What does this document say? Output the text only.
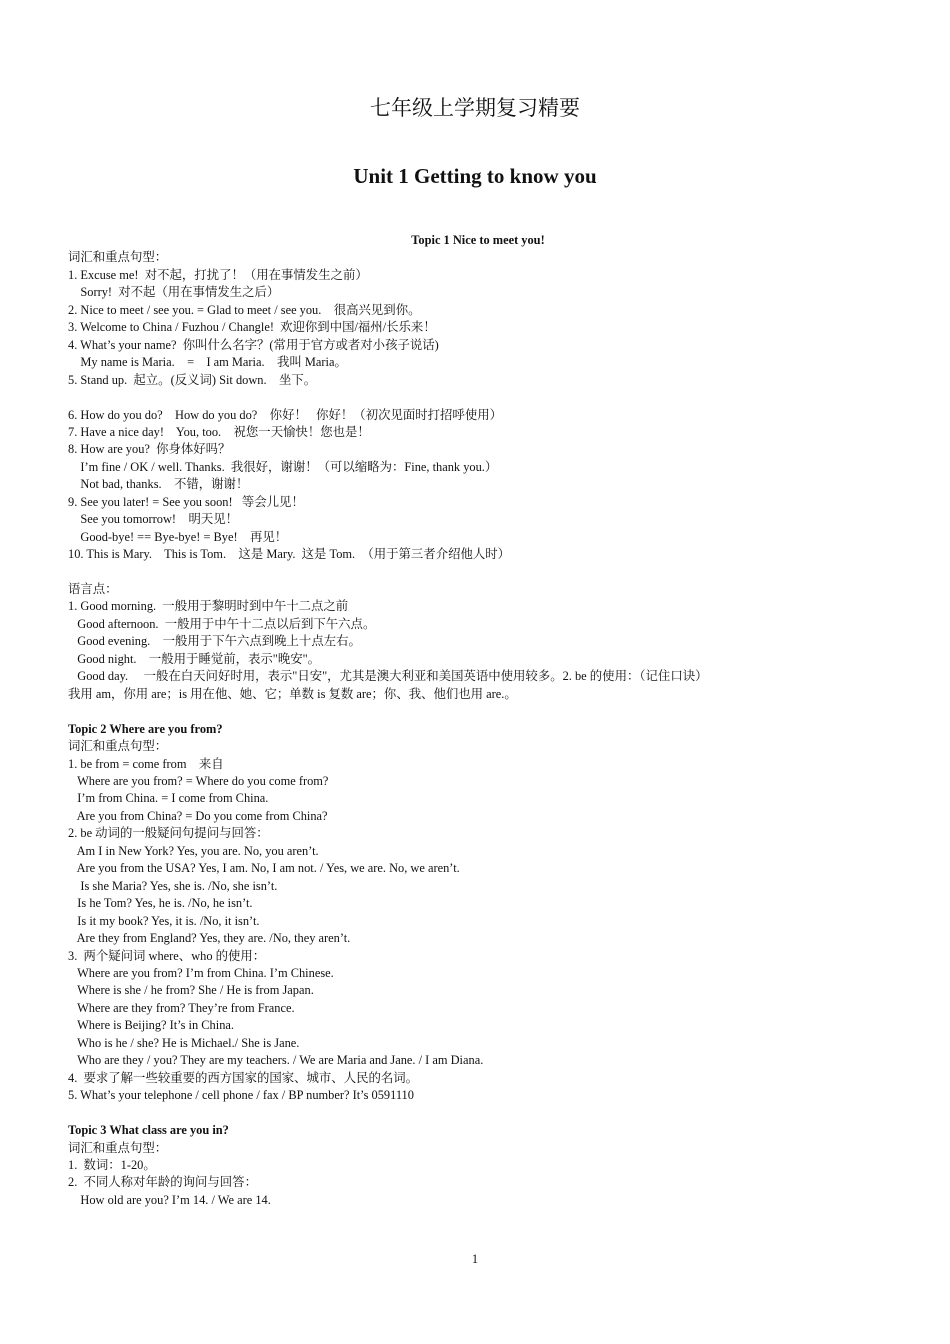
七年级上学期复习精要
Unit 1 Getting to know you
Topic 1 Nice to meet you!
词汇和重点句型：
1. Excuse me!  对不起，打扰了！（用在事情发生之前）
Sorry!  对不起（用在事情发生之后）
2. Nice to meet / see you. = Glad to meet / see you.    很高兴见到你。
3. Welcome to China / Fuzhou / Changle!  欢迎你到中国/福州/长乐来！
4. What’s your name?  你叫什么名字？(常用于官方或者对小孩子说话)
My name is Maria.    =    I am Maria.    我叫 Maria。
5. Stand up.  起立。(反义词) Sit down.    坐下。
6. How do you do?    How do you do?    你好！   你好！（初次见面时打招呼使用）
7. Have a nice day!    You, too.    祝您一天愉快！您也是！
8. How are you?  你身体好吗？
I’m fine / OK / well. Thanks.  我很好，谢谢！（可以缩略为：Fine, thank you.）
Not bad, thanks.    不错，谢谢！
9. See you later! = See you soon!   等会儿见！
See you tomorrow!    明天见！
Good-bye! == Bye-bye! = Bye!    再见！
10. This is Mary.    This is Tom.    这是 Mary.  这是 Tom.  （用于第三者介绍他人时）
语言点：
1. Good morning.  一般用于黎明时到中午十二点之前
Good afternoon.  一般用于中午十二点以后到下午六点。
Good evening.    一般用于下午六点到晚上十点左右。
Good night.    一般用于睡觉前，表示"晚安"。
Good day.     一般在白天问好时用，表示"日安"，尤其是澳大利亚和美国英语中使用较多。2. be 的使用：（记住口诀）
我用 am，你用 are；is 用在他、她、它；单数 is 复数 are；你、我、他们也用 are.。
Topic 2 Where are you from?
词汇和重点句型：
1. be from = come from    来自
Where are you from? = Where do you come from?
I’m from China. = I come from China.
Are you from China? = Do you come from China?
2. be 动词的一般疑问句提问与回答：
Am I in New York? Yes, you are. No, you aren’t.
Are you from the USA? Yes, I am. No, I am not. / Yes, we are. No, we aren’t.
Is she Maria? Yes, she is. /No, she isn’t.
Is he Tom? Yes, he is. /No, he isn’t.
Is it my book? Yes, it is. /No, it isn’t.
Are they from England? Yes, they are. /No, they aren’t.
3.  两个疑问词 where、who 的使用：
Where are you from? I’m from China. I’m Chinese.
Where is she / he from? She / He is from Japan.
Where are they from? They’re from France.
Where is Beijing? It’s in China.
Who is he / she? He is Michael./ She is Jane.
Who are they / you? They are my teachers. / We are Maria and Jane. / I am Diana.
4.  要求了解一些较重要的西方国家的国家、城市、人民的名词。
5. What’s your telephone / cell phone / fax / BP number? It’s 0591110
Topic 3 What class are you in?
词汇和重点句型：
1.  数词：1-20。
2.  不同人称对年龄的询问与回答：
How old are you? I’m 14. / We are 14.
1
